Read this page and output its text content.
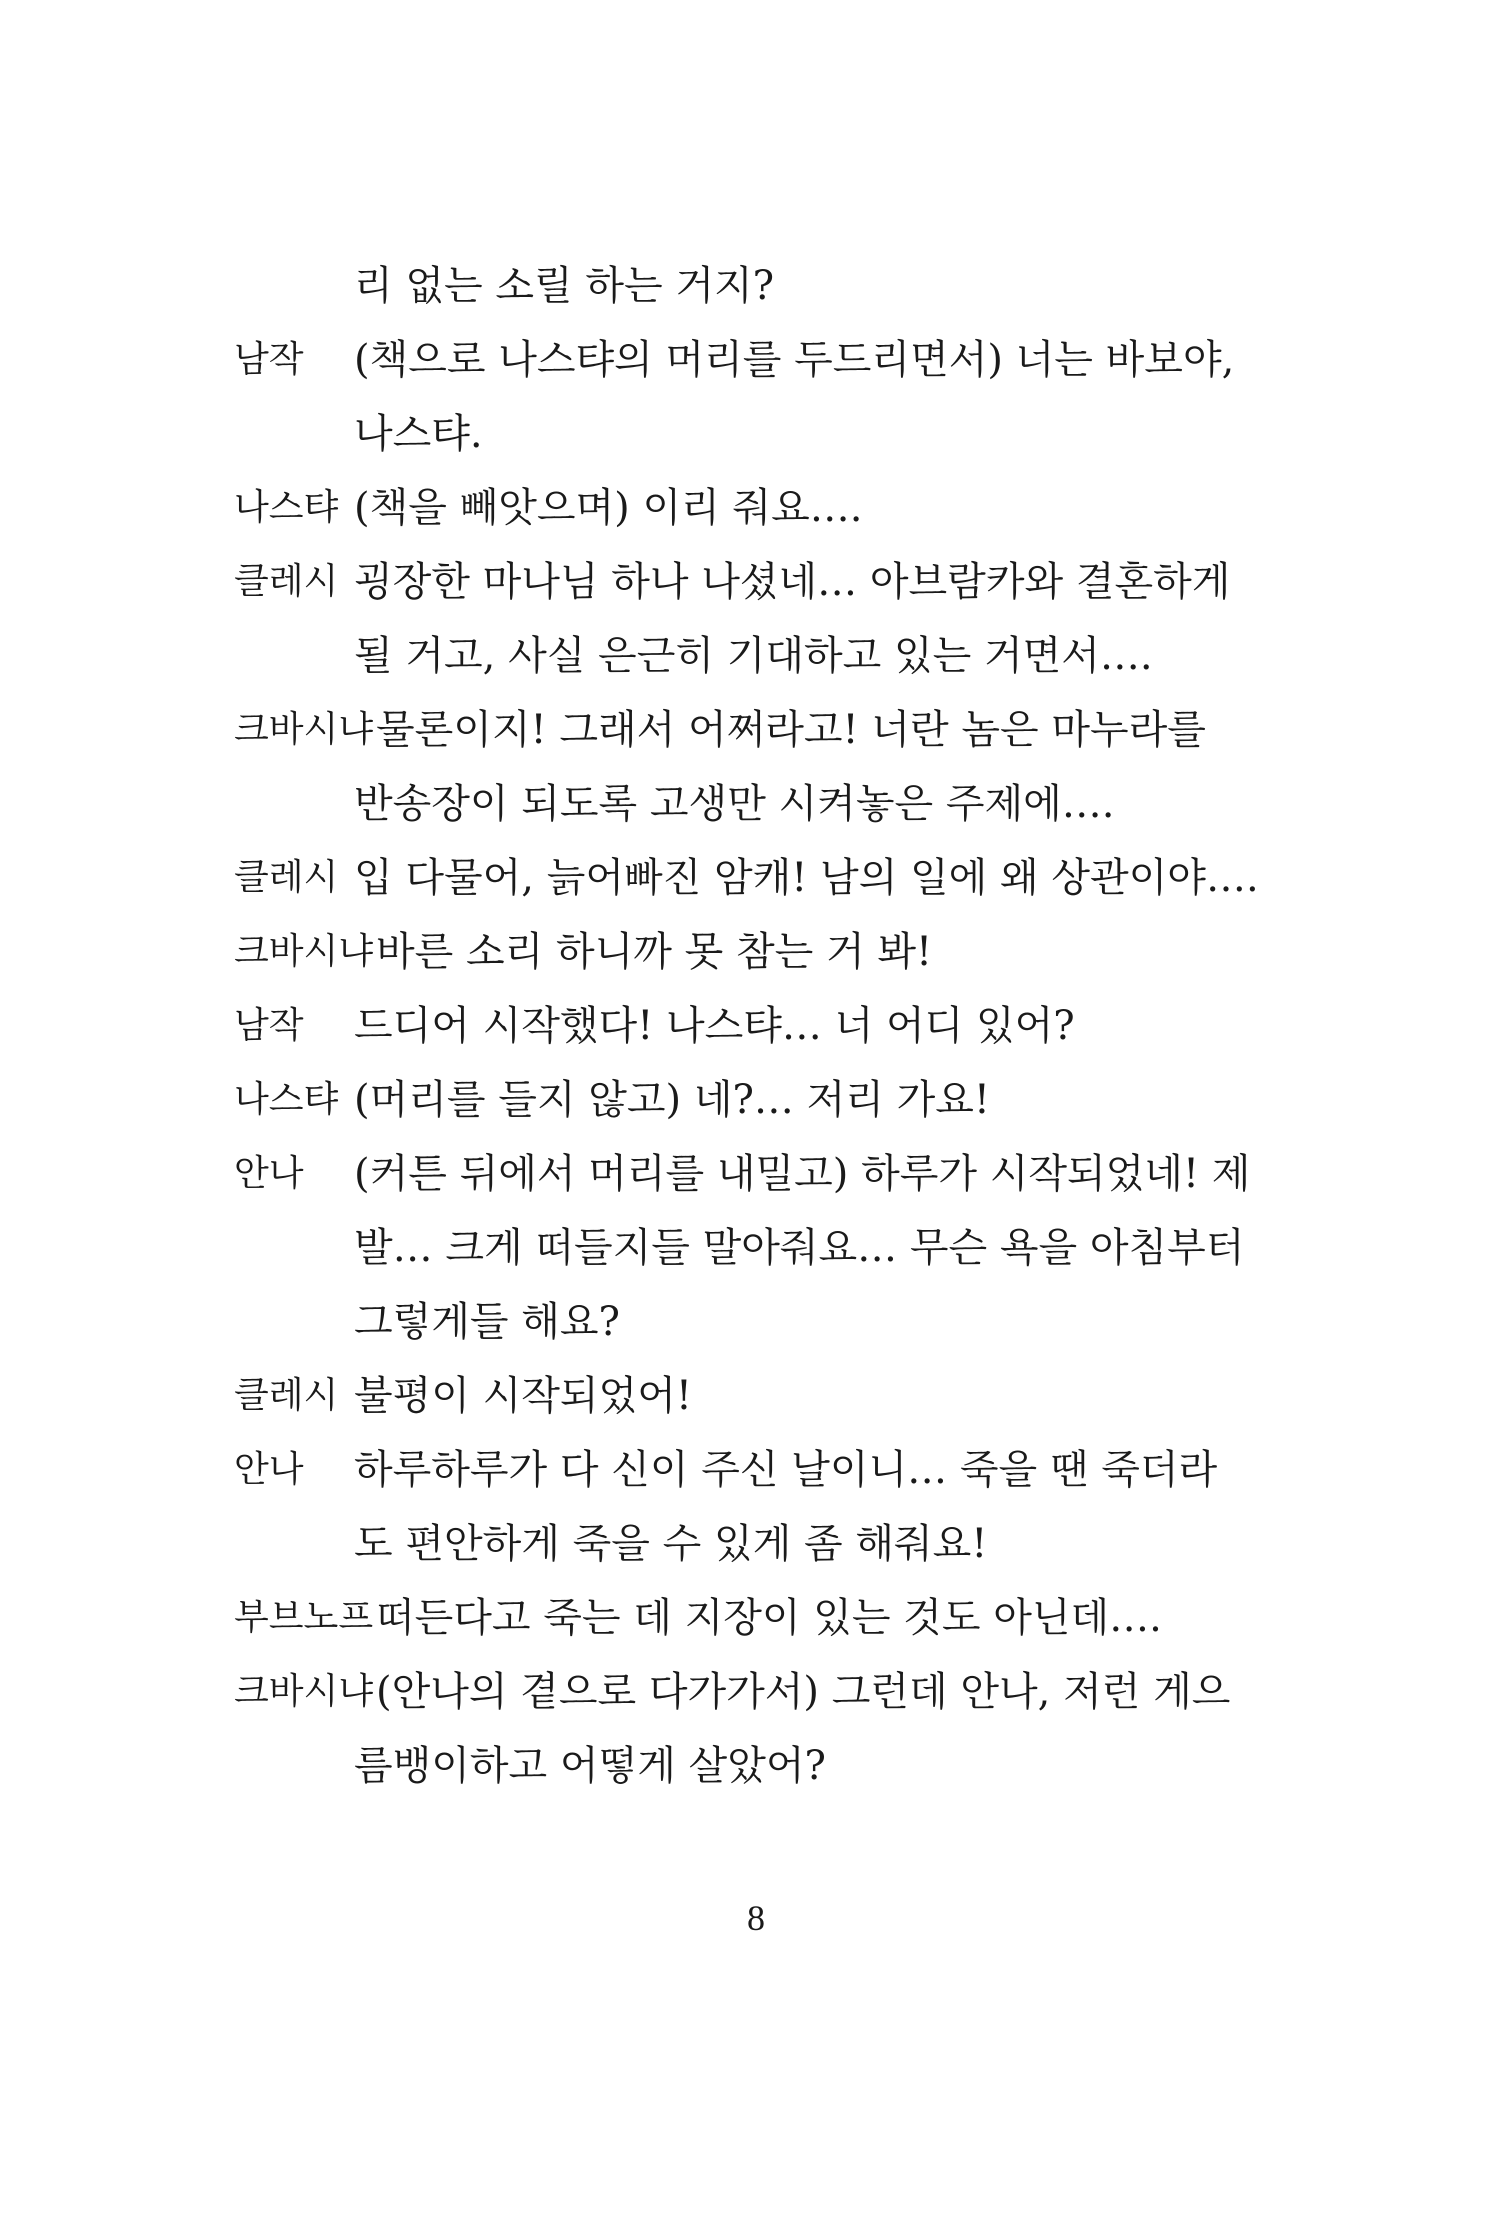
리 없는 소릴 하는 거지?
남작 (책으로 나스탸의 머리를 두드리면서) 너는 바보야,
나스탸.
나스탸 (책을 빼앗으며) 이리 줘요….​
클레시 굉장한 마나님 하나 나셨네… 아브람카와 결혼하게
될 거고, 사실 은근히 기대하고 있는 거면서….
크바시냐 물론이지! 그래서 어쩌라고! 너란 놈은 마누라를
반송장이 되도록 고생만 시켜놓은 주제에….
클레시 입 다물어, 늙어빠진 암캐! 남의 일에 왜 상관이야….
크바시냐 바른 소리 하니까 못 참는 거 봐!
남작 드디어 시작했다! 나스탸… 너 어디 있어?
나스탸 (머리를 들지 않고) 네?… 저리 가요!
안나 (커튼 뒤에서 머리를 내밀고) 하루가 시작되었네! 제
발… 크게 떠들지들 말아줘요… 무슨 욕을 아침부터
그렇게들 해요?
클레시 불평이 시작되었어!
안나 하루하루가 다 신이 주신 날이니… 죽을 땐 죽더라
도 편안하게 죽을 수 있게 좀 해줘요!
부브노프 떠든다고 죽는 데 지장이 있는 것도 아닌데….
크바시냐 (안나의 곁으로 다가가서) 그런데 안나, 저런 게으
름뱅이하고 어떻게 살았어?
8
